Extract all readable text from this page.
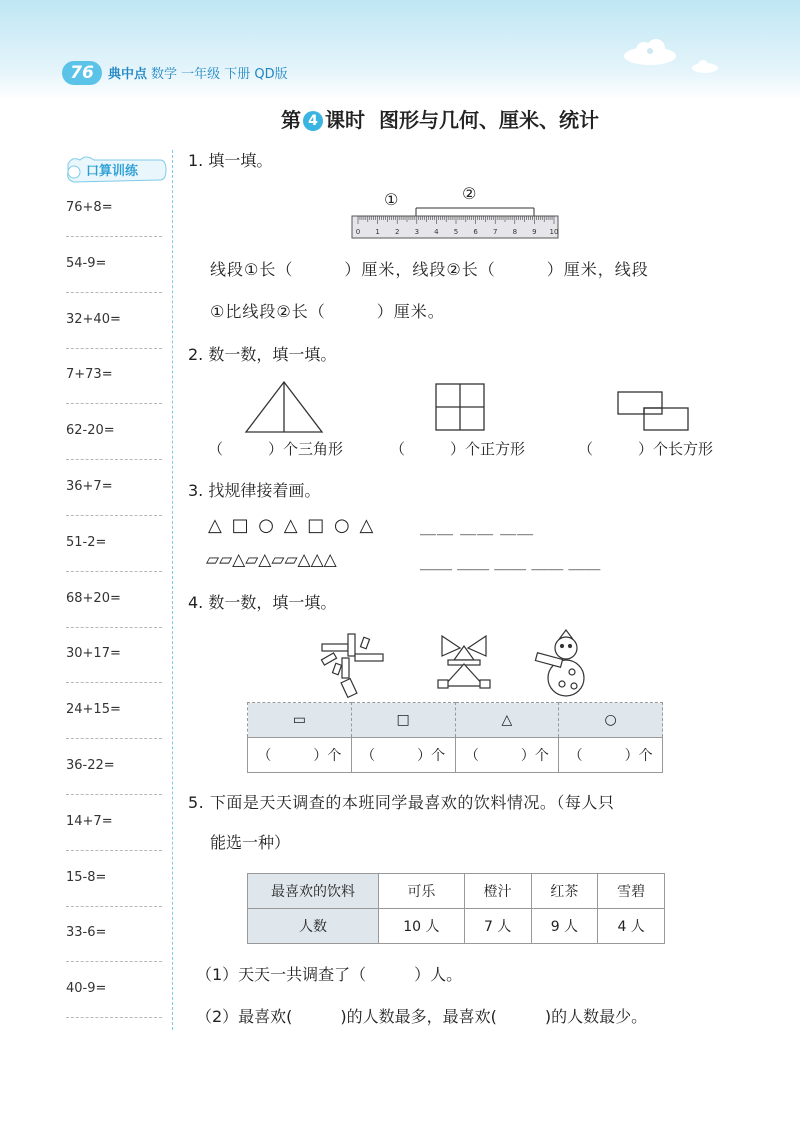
76	典中点 数学 一年级 下册 QD版
第 4 课时 图形与几何、厘米、统计
口算训练
76+8=
54-9=
32+40=
7+73=
62-20=
36+7=
51-2=
68+20=
30+17=
24+15=
36-22=
14+7=
15-8=
33-6=
40-9=
1. 填一填。
①	②
0 1 2 3 4 5 6 7 8 9 10
线段①长（　　　）厘米，线段②长（　　　）厘米，线段
①比线段②长（　　　）厘米。
2. 数一数，填一填。
（　　　）个三角形	（　　　）个正方形	（　　　）个长方形
3. 找规律接着画。
△ □ ○ △ □ ○ △	＿＿ ＿＿ ＿＿
▱▱△▱△▱▱△△△	＿＿ ＿＿ ＿＿ ＿＿ ＿＿
4. 数一数，填一填。
▭	□	△	○
（　　　）个	（　　　）个	（　　　）个	（　　　）个
5. 下面是天天调查的本班同学最喜欢的饮料情况。（每人只
能选一种）
最喜欢的饮料	可乐	橙汁	红茶	雪碧
人数	10 人	7 人	9 人	4 人
（1）天天一共调查了（　　　）人。
（2）最喜欢(　　　)的人数最多，最喜欢(　　　)的人数最少。
